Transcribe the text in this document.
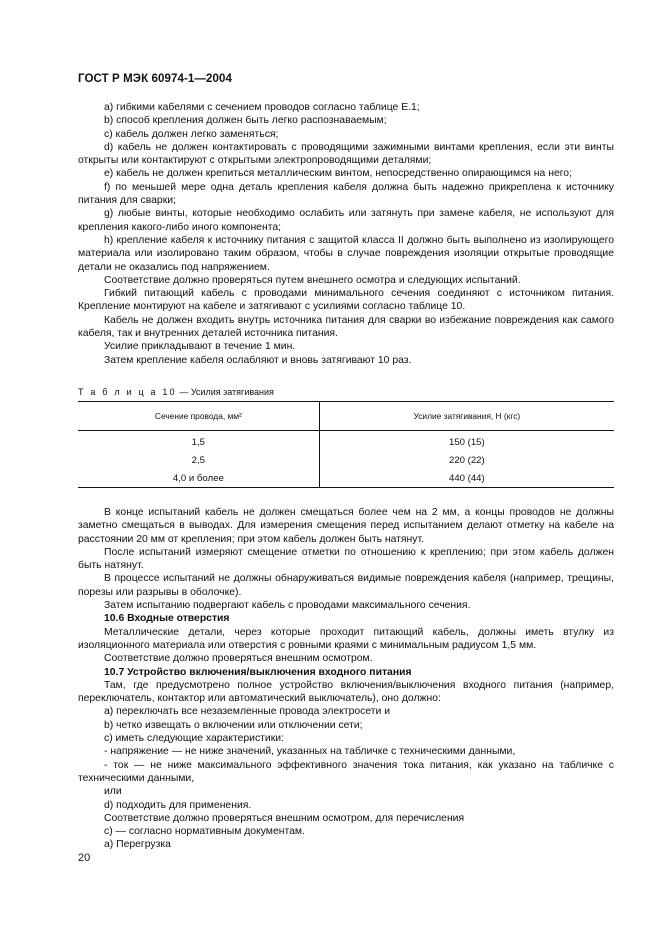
ГОСТ Р МЭК 60974-1—2004

a) гибкими кабелями с сечением проводов согласно таблице E.1;

b) способ крепления должен быть легко распознаваемым;

c) кабель должен легко заменяться;

d) кабель не должен контактировать с проводящими зажимными винтами крепления, если эти винты открыты или контактируют с открытыми электропроводящими деталями;

e) кабель не должен крепиться металлическим винтом, непосредственно опирающимся на него;

f) по меньшей мере одна деталь крепления кабеля должна быть надежно прикреплена к источнику питания для сварки;

g) любые винты, которые необходимо ослабить или затянуть при замене кабеля, не используют для крепления какого-либо иного компонента;

h) крепление кабеля к источнику питания с защитой класса II должно быть выполнено из изолирующего материала или изолировано таким образом, чтобы в случае повреждения изоляции открытые проводящие детали не оказались под напряжением.

Соответствие должно проверяться путем внешнего осмотра и следующих испытаний.

Гибкий питающий кабель с проводами минимального сечения соединяют с источником питания. Крепление монтируют на кабеле и затягивают с усилиями согласно таблице 10.

Кабель не должен входить внутрь источника питания для сварки во избежание повреждения как самого кабеля, так и внутренних деталей источника питания.

Усилие прикладывают в течение 1 мин.

Затем крепление кабеля ослабляют и вновь затягивают 10 раз.

Т а б л и ц а 10 — Усилия затягивания
Сечение провода, мм²	Усилие затягивания, Н (кгс)
1,5	150 (15)
2,5	220 (22)
4,0 и более	440 (44)

В конце испытаний кабель не должен смещаться более чем на 2 мм, а концы проводов не должны заметно смещаться в выводах. Для измерения смещения перед испытанием делают отметку на кабеле на расстоянии 20 мм от крепления; при этом кабель должен быть натянут.

После испытаний измеряют смещение отметки по отношению к креплению; при этом кабель должен быть натянут.

В процессе испытаний не должны обнаруживаться видимые повреждения кабеля (например, трещины, порезы или разрывы в оболочке).

Затем испытанию подвергают кабель с проводами максимального сечения.

10.6 Входные отверстия

Металлические детали, через которые проходит питающий кабель, должны иметь втулку из изоляционного материала или отверстия с ровными краями с минимальным радиусом 1,5 мм.

Соответствие должно проверяться внешним осмотром.

10.7 Устройство включения/выключения входного питания

Там, где предусмотрено полное устройство включения/выключения входного питания (например, переключатель, контактор или автоматический выключатель), оно должно:

a) переключать все незаземленные провода электросети и

b) четко извещать о включении или отключении сети;

c) иметь следующие характеристики:

- напряжение — не ниже значений, указанных на табличке с техническими данными,

- ток — не ниже максимального эффективного значения тока питания, как указано на табличке с техническими данными,

или

d) подходить для применения.

Соответствие должно проверяться внешним осмотром, для перечисления

c) — согласно нормативным документам.

a) Перегрузка

20
